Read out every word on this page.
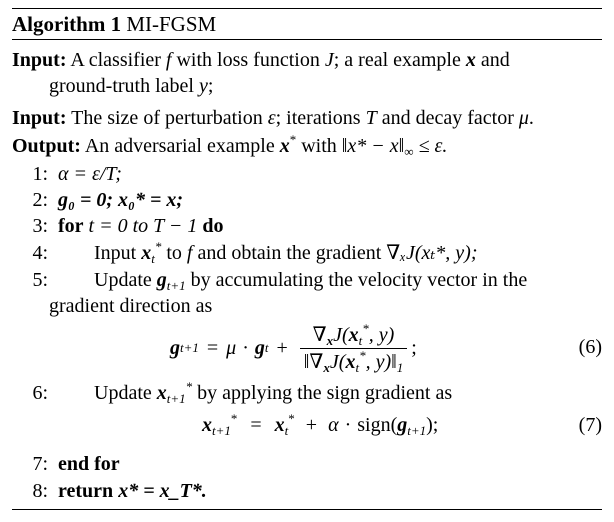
Algorithm 1 MI-FGSM
Input: A classifier f with loss function J; a real example x and
ground-truth label y;
Input: The size of perturbation ε; iterations T and decay factor μ.
Output: An adversarial example x* with ‖x* − $x‖_\infty \le \varepsilon$.
1: α = ε/T;
2: g₀ = 0; x₀* = x;
3: for t = 0 to T − 1 do
4: Input $x_t^*$ to f and obtain the gradient ∇ₓJ(xₜ*, y);
5: Update $g_{t+1}$ by accumulating the velocity vector in the
gradient direction as
g t+1 = μ · g $t + \frac{\nabla_xJ(x_t^*, y)}{‖\nabla_xJ(x_t^*, y)‖_1}$ ;	(6)
6: Update $x_{t+1}^*$ by applying the sign gradient as
$x_{t+1}^* = x_t^* + \alpha$ · $sign(g_{t+1})$;	(7)
7: end for
8: return x* = x_T*.
